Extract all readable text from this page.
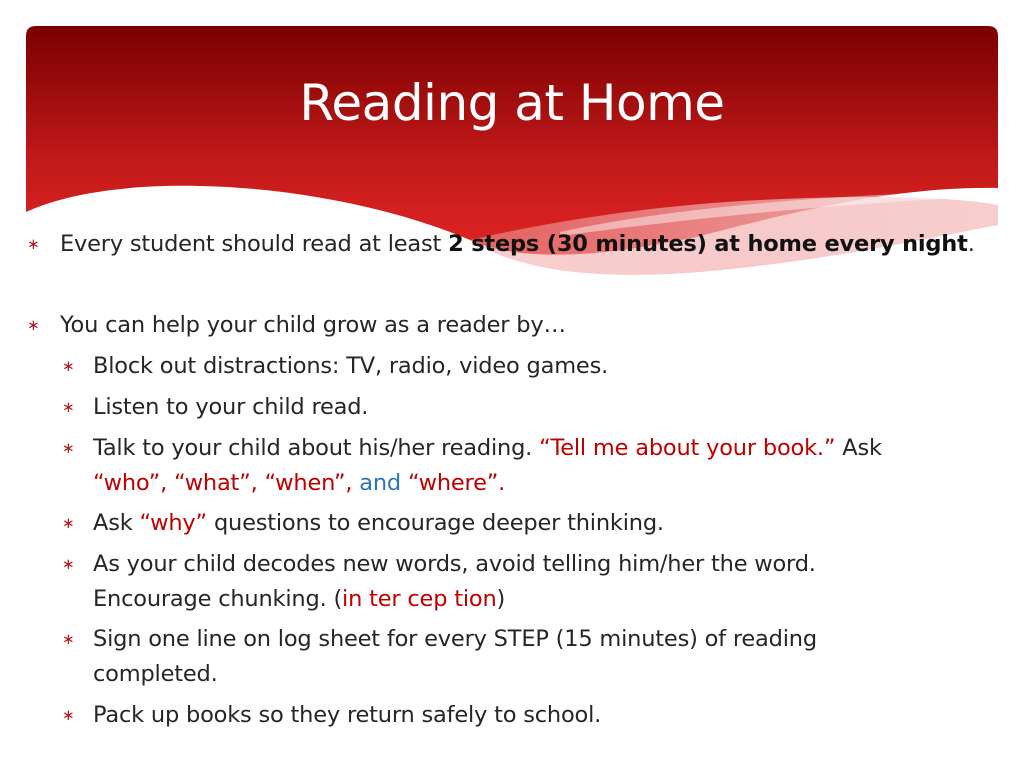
Reading at Home
∗ Every student should read at least 2 steps (30 minutes) at home every night.
∗ You can help your child grow as a reader by…
∗ Block out distractions: TV, radio, video games.
∗ Listen to your child read.
∗ Talk to your child about his/her reading. “Tell me about your book.” Ask
“who”, “what”, “when”, and “where”.
∗ Ask “why” questions to encourage deeper thinking.
∗ As your child decodes new words, avoid telling him/her the word.
Encourage chunking. (in ter cep tion)
∗ Sign one line on log sheet for every STEP (15 minutes) of reading
completed.
∗ Pack up books so they return safely to school.
